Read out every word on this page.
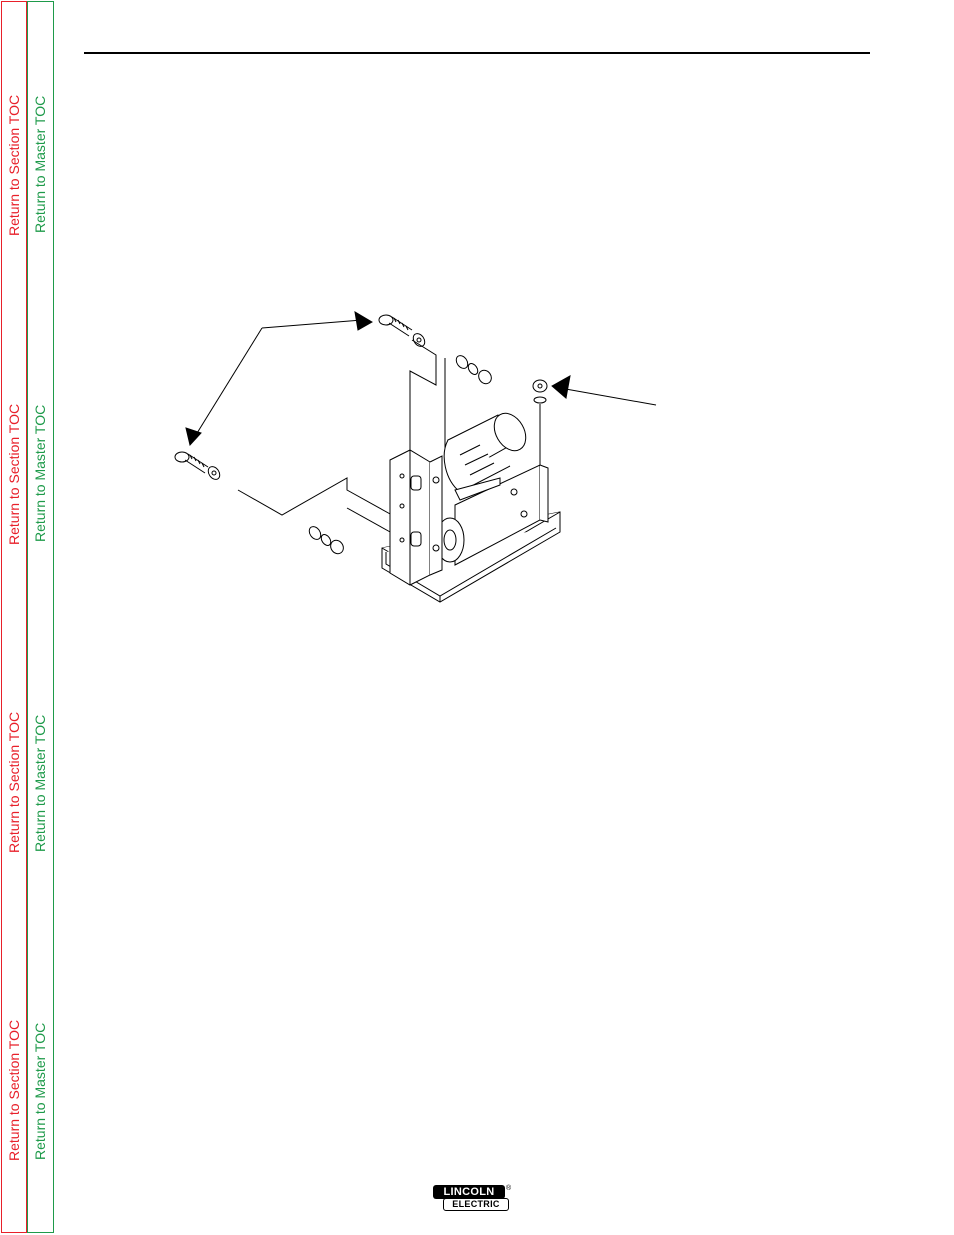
Return to Section TOC Return to Master TOC
Return to Section TOC Return to Master TOC
Return to Section TOC Return to Master TOC
Return to Section TOC Return to Master TOC
LINCOLN	®
ELECTRIC
